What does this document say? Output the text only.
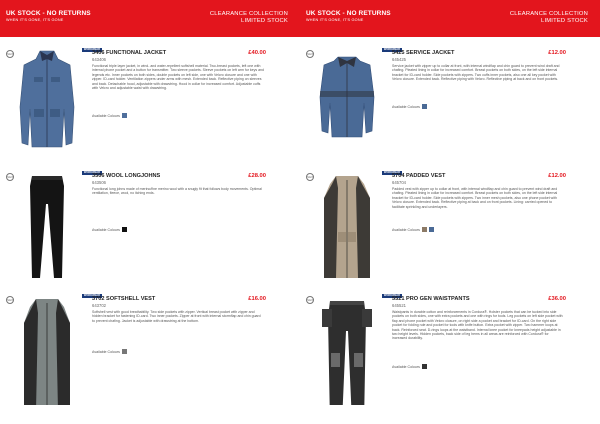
UK STOCK - NO RETURNS
WHEN IT'S GONE, IT'S GONE
CLEARANCE COLLECTION
LIMITED STOCK
NEW
WORKWEAR
3406 FUNCTIONAL JACKET
643406
£40.00
Functional triple layer jacket, in wind- and water-repellent softshell material. Two-breast pockets, left one with internal phone pocket and a button for transmitter. Two sleeve pockets. Sleeve pockets on left arm for keys and legends etc. Inner pockets on both sides, double pockets on left side, one with Velcro closure and one with zipper. ID-card holder. Ventilation zippers under arms with mesh. Extended back. Reflective piping on sleeves and back. Detachable hood, adjustable with drawstring. Hood in collar for increased comfort. Adjustable cuffs with Velcro and adjustable waist with drawstring.
Available Colours
NEW
WORKWEAR
3506 WOOL LONGJOHNS
643506
£28.00
Functional long johns made of merino/fine merino wool with a snugly fit that follows body movements. Optimal ventilation, fleece, wool, no itching ends.
Available Colours
NEW
WORKWEAR
3702 SOFTSHELL VEST
643702
£16.00
Softshell vest with good breathability. Two side pockets with zipper. Vertical breast pocket with zipper and hidden bracket for fastening ID-card. Two inner pockets. Zipper at front with internal stormflap and chin guard to prevent chafing. Jacket is adjustable with drawstring at the bottom.
Available Colours
UK STOCK - NO RETURNS
WHEN IT'S GONE, IT'S GONE
CLEARANCE COLLECTION
LIMITED STOCK
NEW
WORKWEAR
5425 SERVICE JACKET
645425
£12.00
Service jacket with zipper up to collar at front, with internal windflap and chin guard to prevent wind draft and chafing. Pleated lining in collar for increased comfort. Breast pockets on both sides, on the left side internal bracket for ID-card holder. Side pockets with zippers. Two cuffs inner pockets, also one all key pocket with Velcro closure. Extended back. Reflective piping with Velcro. Reflective piping at back and on front pockets.
Available Colours
NEW
WORKWEAR
5704 PADDED VEST
645704
£12.00
Padded vest with zipper up to collar at front, with internal windflap and chin guard to prevent wind draft and chafing. Pleated lining in collar for increased comfort. Breast pockets on both sides, on the left side internal bracket for ID-card holder. Side pockets with zippers. Two inner mesh pockets, also one phone pocket with Velcro closure. Extended back. Reflective piping at back and on front pockets. Lining: carried opened to facilitate sprinkling and underlayers.
Available Colours
NEW
WORKWEAR
5521 PRO GEN WAISTPANTS
645521
£36.00
Waistpants in durable cotton and reinforcements in Cordura®. Holster pockets that can be tucked into side pockets on both sides, one with extra pockets and one with rings for tools. Leg pockets on left side pocket with flap and phone pocket with Velcro closure, on right side a pocket and bracket for ID-card. On the right side pocket for folding rule and pocket for tools with knife button. Extra pocket with zipper. Two hammer loops at back. Reinforced seat. D-rings loops at the waistband. Internal knee pocket for kneepads height adjustable in two height levels. Hidden pockets, back side of leg hems in all areas are reinforced with Cordura® for increased durability.
Available Colours
